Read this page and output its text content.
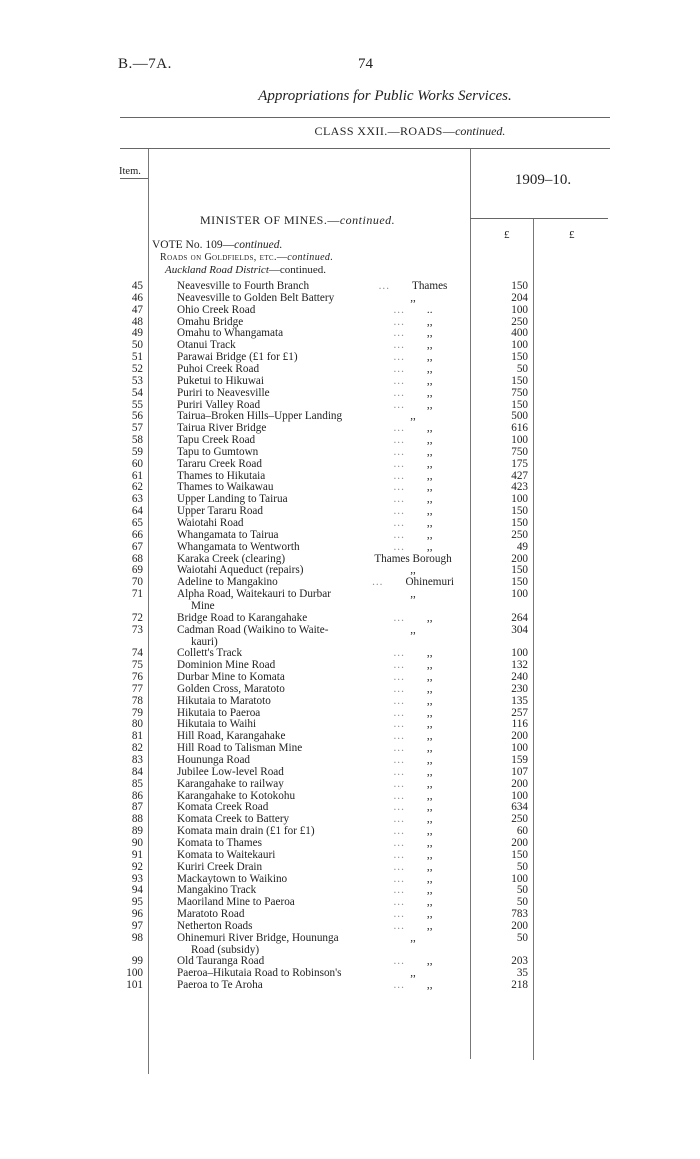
B.—7A.	74
Appropriations for Public Works Services.
CLASS XXII.—ROADS—continued.
Item.
1909–10.
£	£
MINISTER OF MINES.—continued.
VOTE No. 109—continued.
Roads on Goldfields, etc.—continued.
Auckland Road District—continued.
45	Neavesville to Fourth Branch	... Thames	150
46	Neavesville to Golden Belt Battery	,,	204
47	Ohio Creek Road	... ..	100
48	Omahu Bridge	... ,,	250
49	Omahu to Whangamata	... ,,	400
50	Otanui Track	... ,,	100
51	Parawai Bridge (£1 for £1)	... ,,	150
52	Puhoi Creek Road	... ,,	50
53	Puketui to Hikuwai	... ,,	150
54	Puriri to Neavesville	... ,,	750
55	Puriri Valley Road	... ,,	150
56	Tairua–Broken Hills–Upper Landing	,,	500
57	Tairua River Bridge	... ,,	616
58	Tapu Creek Road	... ,,	100
59	Tapu to Gumtown	... ,,	750
60	Tararu Creek Road	... ,,	175
61	Thames to Hikutaia	... ,,	427
62	Thames to Waikawau	... ,,	423
63	Upper Landing to Tairua	... ,,	100
64	Upper Tararu Road	... ,,	150
65	Waiotahi Road	... ,,	150
66	Whangamata to Tairua	... ,,	250
67	Whangamata to Wentworth	... ,,	49
68	Karaka Creek (clearing)	Thames Borough	200
69	Waiotahi Aqueduct (repairs)	,,	150
70	Adeline to Mangakino	... Ohinemuri	150
71	Alpha Road, Waitekauri to Durbar
Mine
,,	100
72	Bridge Road to Karangahake	... ,,	264
73	Cadman Road (Waikino to Waite-
kauri)
,,	304
74	Collett's Track	... ,,	100
75	Dominion Mine Road	... ,,	132
76	Durbar Mine to Komata	... ,,	240
77	Golden Cross, Maratoto	... ,,	230
78	Hikutaia to Maratoto	... ,,	135
79	Hikutaia to Paeroa	... ,,	257
80	Hikutaia to Waihi	... ,,	116
81	Hill Road, Karangahake	... ,,	200
82	Hill Road to Talisman Mine	... ,,	100
83	Hoununga Road	... ,,	159
84	Jubilee Low-level Road	... ,,	107
85	Karangahake to railway	... ,,	200
86	Karangahake to Kotokohu	... ,,	100
87	Komata Creek Road	... ,,	634
88	Komata Creek to Battery	... ,,	250
89	Komata main drain (£1 for £1)	... ,,	60
90	Komata to Thames	... ,,	200
91	Komata to Waitekauri	... ,,	150
92	Kuriri Creek Drain	... ,,	50
93	Mackaytown to Waikino	... ,,	100
94	Mangakino Track	... ,,	50
95	Maoriland Mine to Paeroa	... ,,	50
96	Maratoto Road	... ,,	783
97	Netherton Roads	... ,,	200
98	Ohinemuri River Bridge, Hoununga
Road (subsidy)
,,	50
99	Old Tauranga Road	... ,,	203
100	Paeroa–Hikutaia Road to Robinson's	,,	35
101	Paeroa to Te Aroha	... ,,	218
